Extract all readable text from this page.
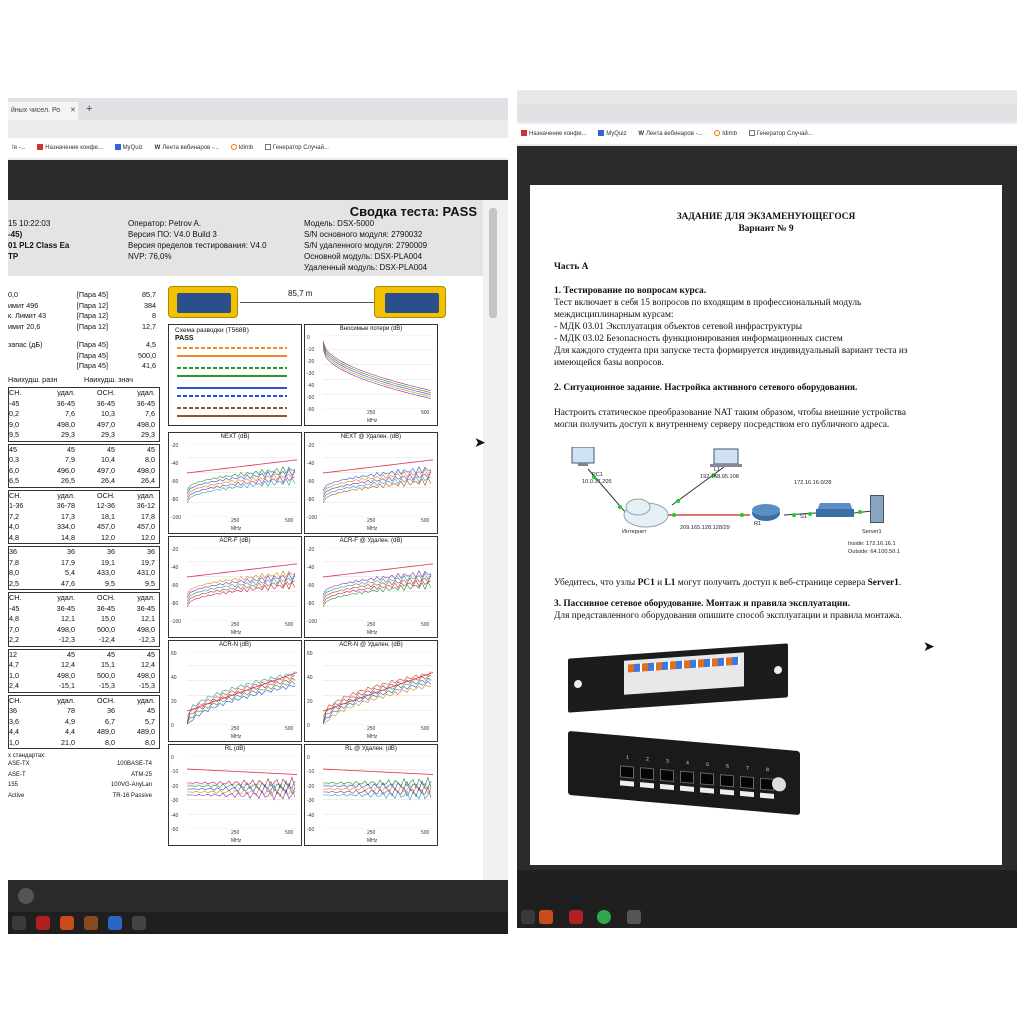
йных чисел. Ро	✕ +
!я -...	Назначение конфе...	MyQuiz W Лента вебинаров -...	Idimb	Генератор Случай...
Сводка теста: PASS
15 10:22:03
-45)
01 PL2 Class Ea
TP
Оператор: Petrov A.
Версия ПО: V4.0 Build 3
Версия пределов тестирования: V4.0
NVP: 76,0%
Модель: DSX-5000
S/N основного модуля: 2790032
S/N удаленного модуля: 2790009
Основной модуль: DSX-PLA004
Удаленный модуль: DSX-PLA004
85,7 m
Схема разводки (T568B)
PASS
Вносимые потери (dB)
0
-10
-20
-30
-40
-50
-60	250	500
MHz
NEXT (dB)
-20
-40
-60
-80
-100	250	500
MHz
NEXT @ Удален. (dB)
-20
-40
-60
-80
-100	250	500
MHz
ACR-F (dB)
-20
-40
-60
-80
-100	250	500
MHz
ACR-F @ Удален. (dB)
-20
-40
-60
-80
-100	250	500
MHz
ACR-N (dB)
60
40
20
0	250	500
MHz
ACR-N @ Удален. (dB)
60
40
20
0	250	500
MHz
RL (dB)
0
-10
-20
-30
-40
-50	250	500
MHz
RL @ Удален. (dB)
0
-10
-20
-30
-40
-50	250	500
MHz
0,0	[Пара 45]	85,7
имит 496	[Пара 12]	384
к. Лимит 43	[Пара 12]	8
имит 20,6	[Пара 12]	12,7
запас (дБ)	[Пара 45]	4,5
[Пара 45]	500,0
[Пара 45]	41,6
Наихудш. разн	Наихудш. знач
СН.	удал.	ОСН.	удал.
-45	36-45	36-45	36-45
0,2	7,6	10,3	7,6
9,0	498,0	497,0	498,0
9,5	29,3	29,3	29,3
45	45	45	45
0,3	7,9	10,4	8,0
6,0	496,0	497,0	498,0
6,5	26,5	26,4	26,4
СН.	удал.	ОСН.	удал.
1-36	36-78	12-36	36-12
7,2	17,3	18,1	17,8
4,0	334,0	457,0	457,0
4,8	14,8	12,0	12,0
36	36	36	36
7,8	17,9	19,1	19,7
8,0	5,4	433,0	431,0
2,5	47,6	9,5	9,5
СН.	удал.	ОСН.	удал.
-45	36-45	36-45	36-45
4,8	12,1	15,0	12,1
7,0	498,0	500,0	498,0
2,2	-12,3	-12,4	-12,3
12	45	45	45
4,7	12,4	15,1	12,4
1,0	498,0	500,0	498,0
2,4	-15,1	-15,3	-15,3
СН.	удал.	ОСН.	удал.
36	78	36	45
3,6	4,9	6,7	5,7
4,4	4,4	489,0	489,0
1,0	21,0	8,0	8,0
х стандартах:
ASE-TX	100BASE-T4
ASE-T	ATM-25
155	100VG-AnyLan
Active	TR-16 Passive
➤
Назначение конфе...	MyQuiz W Лента вебинаров -...	Idimb	Генератор Случай...

ЗАДАНИЕ ДЛЯ ЭКЗАМЕНУЮЩЕГОСЯ

Вариант № 9

Часть А

1. Тестирование по вопросам курса.

Тест включает в себя 15 вопросов по входящим в профессиональный модуль

междисциплинарным курсам:

- МДК 03.01 Эксплуатация объектов сетевой инфраструктуры

- МДК 03.02 Безопасность функционирования информационных систем

Для каждого студента при запуске теста формируется индивидуальный вариант теста из

имеющейся базы вопросов.

2. Ситуационное задание. Настройка активного сетевого оборудования.

Настроить статическое преобразование NAT таким образом, чтобы внешние устройства

могли получить доступ к внутреннему серверу посредством его публичного адреса.

PC1
10.0.37.205
L1
192.168.95.108
Интернет
209.165.128.128/29
R1
S1
172.16.16.0/28
Server1
Inside: 172.16.16.1
Outside: 64.100.50.1

Убедитесь, что узлы PC1 и L1 могут получить доступ к веб-странице сервера Server1.

3. Пассивное сетевое оборудование. Монтаж и правила эксплуатации.

Для представленного оборудования опишите способ эксплуатации и правила монтажа.

1	2	3	4	5	6	7	8
➤
